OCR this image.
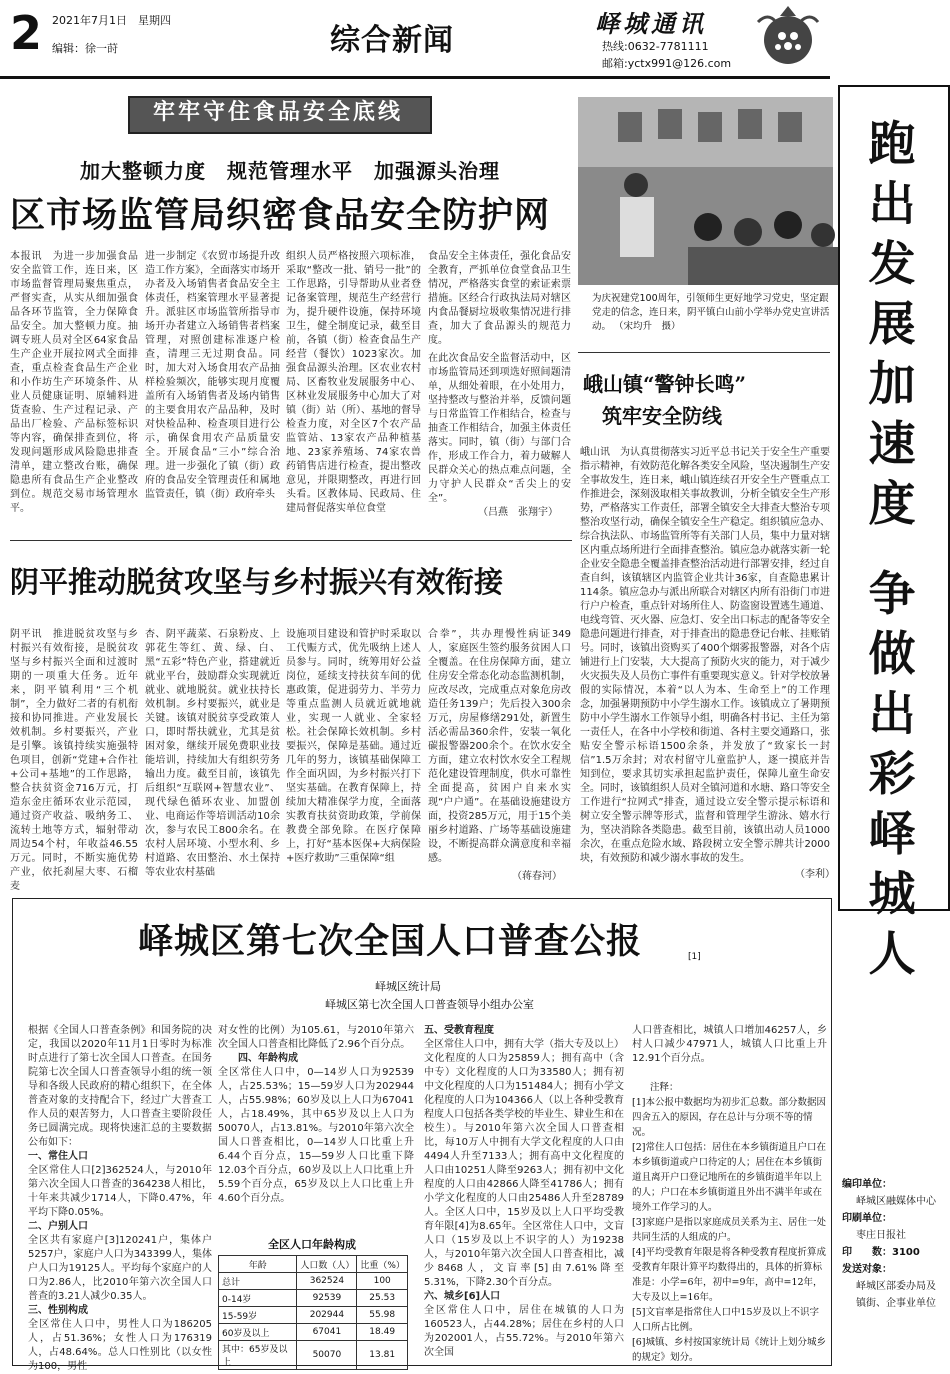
2 2021年7月1日　星期四
编辑：徐一莳	综合新闻	峄城通讯
热线:0632-7781111
邮箱:yctx991@126.com
牢牢守住食品安全底线
加大整顿力度　规范管理水平　加强源头治理
区市场监管局织密食品安全防护网
本报讯　为进一步加强食品安全监管工作，连日来，区市场监督管理局聚焦重点，严督实查，从实从细加强食品各环节监管，全力保障食品安全。加大整顿力度。抽调专班人员对全区64家食品生产企业开展拉网式全面排查，重点检查食品生产企业和小作坊生产环境条件、从业人员健康证明、原辅料进货查验、生产过程记录、产品出厂检验、产品标签标识等内容，确保排查到位，将发现问题形成风险隐患排查清单，建立整改台账，确保隐患所有食品生产企业整改到位。规范交易市场管理水平。
进一步制定《农贸市场提升改造工作方案》，全面落实市场开办者及入场销售者食品安全主体责任，档案管理水平显著提升。派驻区市场监管所指导市场开办者建立入场销售者档案管理，对照创建标准逐户检查，清理三无过期食品。同时，加大对入场食用农产品抽样检验频次，能够实现月度覆盖所有入场销售者及场内销售的主要食用农产品品种，及时对快检品种、检查项目进行公示，确保食用农产品质量安全。开展食品“三小”综合治理。进一步强化了镇（街）政府的食品安全管理责任和属地监管责任，镇（街）政府牵头
组织人员严格按照六项标准，采取“整改一批、销号一批”的工作思路，引导帮助从业者登记备案管理，规范生产经营行为，提升硬件设施，保持环境卫生，健全制度记录，截至目前，各镇（街）检查食品生产经营（餐饮）1023家次。加强食品源头治理。区农业农村局、区畜牧业发展服务中心、区林业发展服务中心加大了对镇（街）站（所）、基地的督导检查力度，对全区7个农产品监管站、13家农产品种植基地、23家养殖场、74家农兽药销售店进行检查，提出整改意见，并限期整改，再进行回头看。区教体局、民政局、住建局督促落实单位食堂
食品安全主体责任，强化食品安全教育，严抓单位食堂食品卫生情况，严格落实食堂的索证索票措施。区经合行政执法局对辖区内食品餐厨垃圾收集情况进行排查，加大了食品源头的规范力度。
在此次食品安全监督活动中，区市场监管局还到项选好照间题清单，从细处着眼，在小处用力，坚持整改与整治并举，反馈问题与日常监管工作相结合，检查与抽查工作相结合，加强主体责任落实。同时，镇（街）与部门合作，形成工作合力，着力破解人民群众关心的热点难点问题，全力守护人民群众“舌尖上的安全”。
（吕燕　张翔宇）
为庆祝建党100周年，引领师生更好地学习党史，坚定跟党走的信念，连日来，阴平镇白山前小学举办党史宣讲活动。 （宋均升　摄）
峨山镇“警钟长鸣”
筑牢安全防线
峨山讯　为认真贯彻落实习近平总书记关于安全生产重要指示精神，有效防范化解各类安全风险，坚决遏制生产安全事故发生，连日来，峨山镇连续召开安全生产暨重点工作推进会，深刻汲取相关事故教训，分析全镇安全生产形势，严格落实工作责任，部署全镇安全大排查大整治专项整治攻坚行动，确保全镇安全生产稳定。组织镇应急办、综合执法队、市场监管所等有关部门人员，集中力量对辖区内重点场所进行全面排查整治。镇应急办就落实新一轮企业安全隐患全覆盖排查整治活动进行部署安排，经过自查自纠，该镇辖区内监管企业共计36家，自查隐患累计114条。镇应急办与派出所联合对辖区内所有沿街门市进行户户检查，重点针对场所住人、防盗窗设置逃生通道、电线弯管、灭火器、应急灯、安全出口标志的配备等安全隐患问题进行排查，对于排查出的隐患登记台帐、挂账销号。同时，该镇出资购买了400个烟雾报警器，对各个店铺进行上门安装，大大提高了预防火灾的能力，对于减少火灾损失及人员伤亡事件有重要现实意义。针对学校放暑假的实际情况，本着“以人为本、生命至上”的工作理念，加强暑期预防中小学生溺水工作。该镇成立了暑期预防中小学生溺水工作领导小组，明确各村书记、主任为第一责任人，在各中小学校和街道、各村主要交通路口，张贴安全警示标语1500余条，并发放了“致家长一封信”1.5万余封；对农村留守儿童监护人，逐一摸底并告知到位，要求其切实承担起监护责任，保障儿童生命安全。同时，该镇组织人员对全镇河道和水塘、路口等安全工作进行“拉网式”排查，通过设立安全警示提示标语和树立安全警示牌等形式，监督和管理学生游泳、嬉水行为，坚决消除各类隐患。截至目前，该镇出动人员1000余次，在重点危险水域、路段树立安全警示牌共计2000块，有效预防和减少溺水事故的发生。
（李利）
阴平推动脱贫攻坚与乡村振兴有效衔接
阴平讯　推进脱贫攻坚与乡村振兴有效衔接，是脱贫攻坚与乡村振兴全面和过渡时期的一项重大任务。近年来，阴平镇利用“三个机制”，全力做好二者的有机衔接和协同推进。产业发展长效机制。乡村要振兴，产业是引擎。该镇持续实施强特色项目，创新“党建+合作社+公司+基地”的工作思路，整合扶贫资金716万元，打造东金庄循环农业示范园，通过资产收益、吸纳务工、流转土地等方式，辐射带动周边54个村，年收益46.55万元。同时，不断实施优势产业，依托刹屋大枣、石榴麦
杏、阴平蔬菜、石泉粉皮、上郭花生等红、黄、绿、白、黑“五彩”特色产业，搭建就近就业平台，鼓励群众实现就近就业、就地脱贫。就业扶持长效机制。乡村要振兴，就业是关键。该镇对脱贫享受政策人口，即时帮扶就业，尤其是贫困对象，继续开展免费职业技能培训，持续加大有组织劳务输出力度。截至目前，该镇先后组织“互联网+智慧农业”、现代绿色循环农业、加盟创业、电商运作等培训活动10余次，参与农民工800余名。在农村人居环境、小型水利、乡村道路、农田整治、水土保持等农业农村基础
设施项目建设和管护时采取以工代赈方式，优先吸纳上述人员参与。同时，统筹用好公益岗位，延续支持扶贫车间的优惠政策，促进弱劳力、半劳力等重点监测人员就近就地就业，实现一人就业、全家轻松。社会保障长效机制。乡村要振兴，保障是基础。通过近几年的努力，该镇基础保障工作全面巩固，为乡村振兴打下坚实基础。在教育保障上，持续加大精准保学力度，全面落实教育扶贫资助政策，学前保教费全部免除。在医疗保障上，打好“基本医保+大病保险+医疗救助”三重保障“组
合拳”，共办理慢性病证349人，家庭医生签约服务贫困人口全覆盖。在住房保障方面，建立住房安全常态化动态监测机制，应改尽改，完成重点对象危房改造任务139户；先后投入300余万元，房屋修缮291处，新置生活必需品360余件，安装一氧化碳报警器200余个。在饮水安全方面，建立农村饮水安全工程规范化建设管理制度，供水可靠性全面提高，贫困户自来水实现“户户通”。在基础设施建设方面，投资285万元，用于15个美丽乡村道路、广场等基础设施建设，不断提高群众满意度和幸福感。
（蒋春河）
跑出发展加速度
争做出彩峄城人
编印单位：
峄城区融媒体中心
印刷单位：
枣庄日报社
印　　数：3100
发送对象：
峄城区部委办局及
镇街、企事业单位
峄城区第七次全国人口普查公报	[1]
峄城区统计局
峄城区第七次全国人口普查领导小组办公室
根据《全国人口普查条例》和国务院的决定，我国以2020年11月1日零时为标准时点进行了第七次全国人口普查。在国务院第七次全国人口普查领导小组的统一领导和各级人民政府的精心组织下，在全体普查对象的支持配合下，经过广大普查工作人员的艰苦努力，人口普查主要阶段任务已圆满完成。现将快速汇总的主要数据公布如下：
一、常住人口
全区常住人口[2]362524人，与2010年第六次全国人口普查的364238人相比，十年来共减少1714人，下降0.47%，年平均下降0.05%。
二、户别人口
全区共有家庭户[3]120241户，集体户5257户，家庭户人口为343399人，集体户人口为19125人。平均每个家庭户的人口为2.86人，比2010年第六次全国人口普查的3.21人减少0.35人。
三、性别构成
全区常住人口中，男性人口为186205人，占51.36%；女性人口为176319人，占48.64%。总人口性别比（以女性为100，男性
对女性的比例）为105.61，与2010年第六次全国人口普查相比降低了2.96个百分点。
四、年龄构成
全区常住人口中，0—14岁人口为92539人，占25.53%；15—59岁人口为202944人，占55.98%；60岁及以上人口为67041人，占18.49%，其中65岁及以上人口为50070人，占13.81%。与2010年第六次全国人口普查相比，0—14岁人口比重上升6.44个百分点，15—59岁人口比重下降12.03个百分点，60岁及以上人口比重上升5.59个百分点，65岁及以上人口比重上升4.60个百分点。
全区人口年龄构成
年龄	人口数（人）	比重（%）
总计	362524	100
0-14岁	92539	25.53
15-59岁	202944	55.98
60岁及以上	67041	18.49
其中：65岁及以上	50070	13.81
五、受教育程度
全区常住人口中，拥有大学（指大专及以上）文化程度的人口为25859人；拥有高中（含中专）文化程度的人口为33580人；拥有初中文化程度的人口为151484人；拥有小学文化程度的人口为104366人（以上各种受教育程度人口包括各类学校的毕业生、肄业生和在校生）。与2010年第六次全国人口普查相比，每10万人中拥有大学文化程度的人口由4494人升至7133人；拥有高中文化程度的人口由10251人降至9263人；拥有初中文化程度的人口由42866人降至41786人；拥有小学文化程度的人口由25486人升至28789人。全区人口中，15岁及以上人口平均受教育年限[4]为8.65年。全区常住人口中，文盲人口（15岁及以上不识字的人）为19238人，与2010年第六次全国人口普查相比，减少8468人，文盲率[5]由7.61%降至5.31%，下降2.30个百分点。
六、城乡[6]人口
全区常住人口中，居住在城镇的人口为160523人，占44.28%；居住在乡村的人口为202001人，占55.72%。与2010年第六次全国
人口普查相比，城镇人口增加46257人，乡村人口减少47971人，城镇人口比重上升12.91个百分点。
注释：
[1]本公报中数据均为初步汇总数。部分数据因四舍五入的原因，存在总计与分项不等的情况。
[2]常住人口包括：居住在本乡镇街道且户口在本乡镇街道或户口待定的人；居住在本乡镇街道且离开户口登记地所在的乡镇街道半年以上的人；户口在本乡镇街道且外出不满半年或在境外工作学习的人。
[3]家庭户是指以家庭成员关系为主、居住一处共同生活的人组成的户。
[4]平均受教育年限是将各种受教育程度折算成受教育年限计算平均数得出的，具体的折算标准是：小学=6年，初中=9年，高中=12年，大专及以上=16年。
[5]文盲率是指常住人口中15岁及以上不识字人口所占比例。
[6]城镇、乡村按国家统计局《统计上划分城乡的规定》划分。
